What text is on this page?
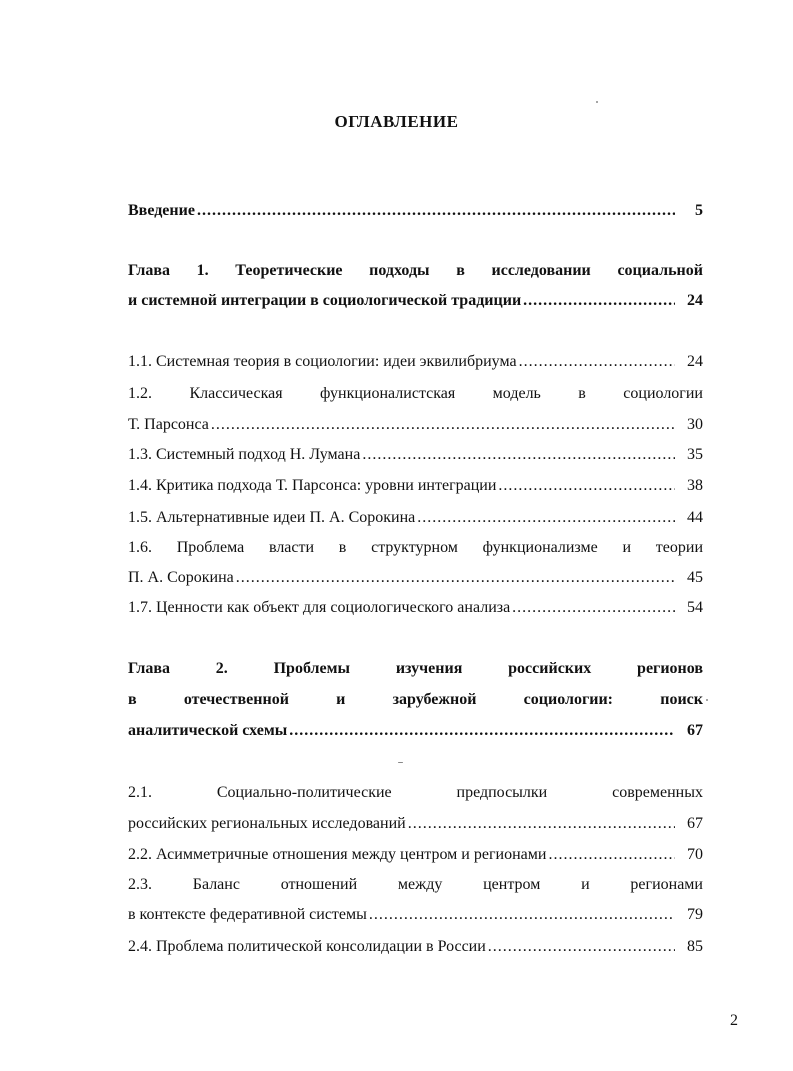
ОГЛАВЛЕНИЕ
Введение .....	5
Глава 1. Теоретические подходы в исследовании социальной
и системной интеграции в социологической традиции .....	24
1.1. Системная теория в социологии: идеи эквилибриума .....	24
1.2. Классическая функционалистская модель в социологии
Т. Парсонса .....	30
1.3. Системный подход Н. Лумана .....	35
1.4. Критика подхода Т. Парсонса: уровни интеграции .....	38
1.5. Альтернативные идеи П. А. Сорокина .....	44
1.6. Проблема власти в структурном функционализме и теории
П. А. Сорокина .....	45
1.7. Ценности как объект для социологического анализа .....	54
Глава 2. Проблемы изучения российских регионов
в отечественной и зарубежной социологии: поиск
аналитической схемы .....	67
2.1. Социально-политические предпосылки современных
российских региональных исследований .....	67
2.2. Асимметричные отношения между центром и регионами .....	70
2.3. Баланс отношений между центром и регионами
в контексте федеративной системы .....	79
2.4. Проблема политической консолидации в России .....	85
2
